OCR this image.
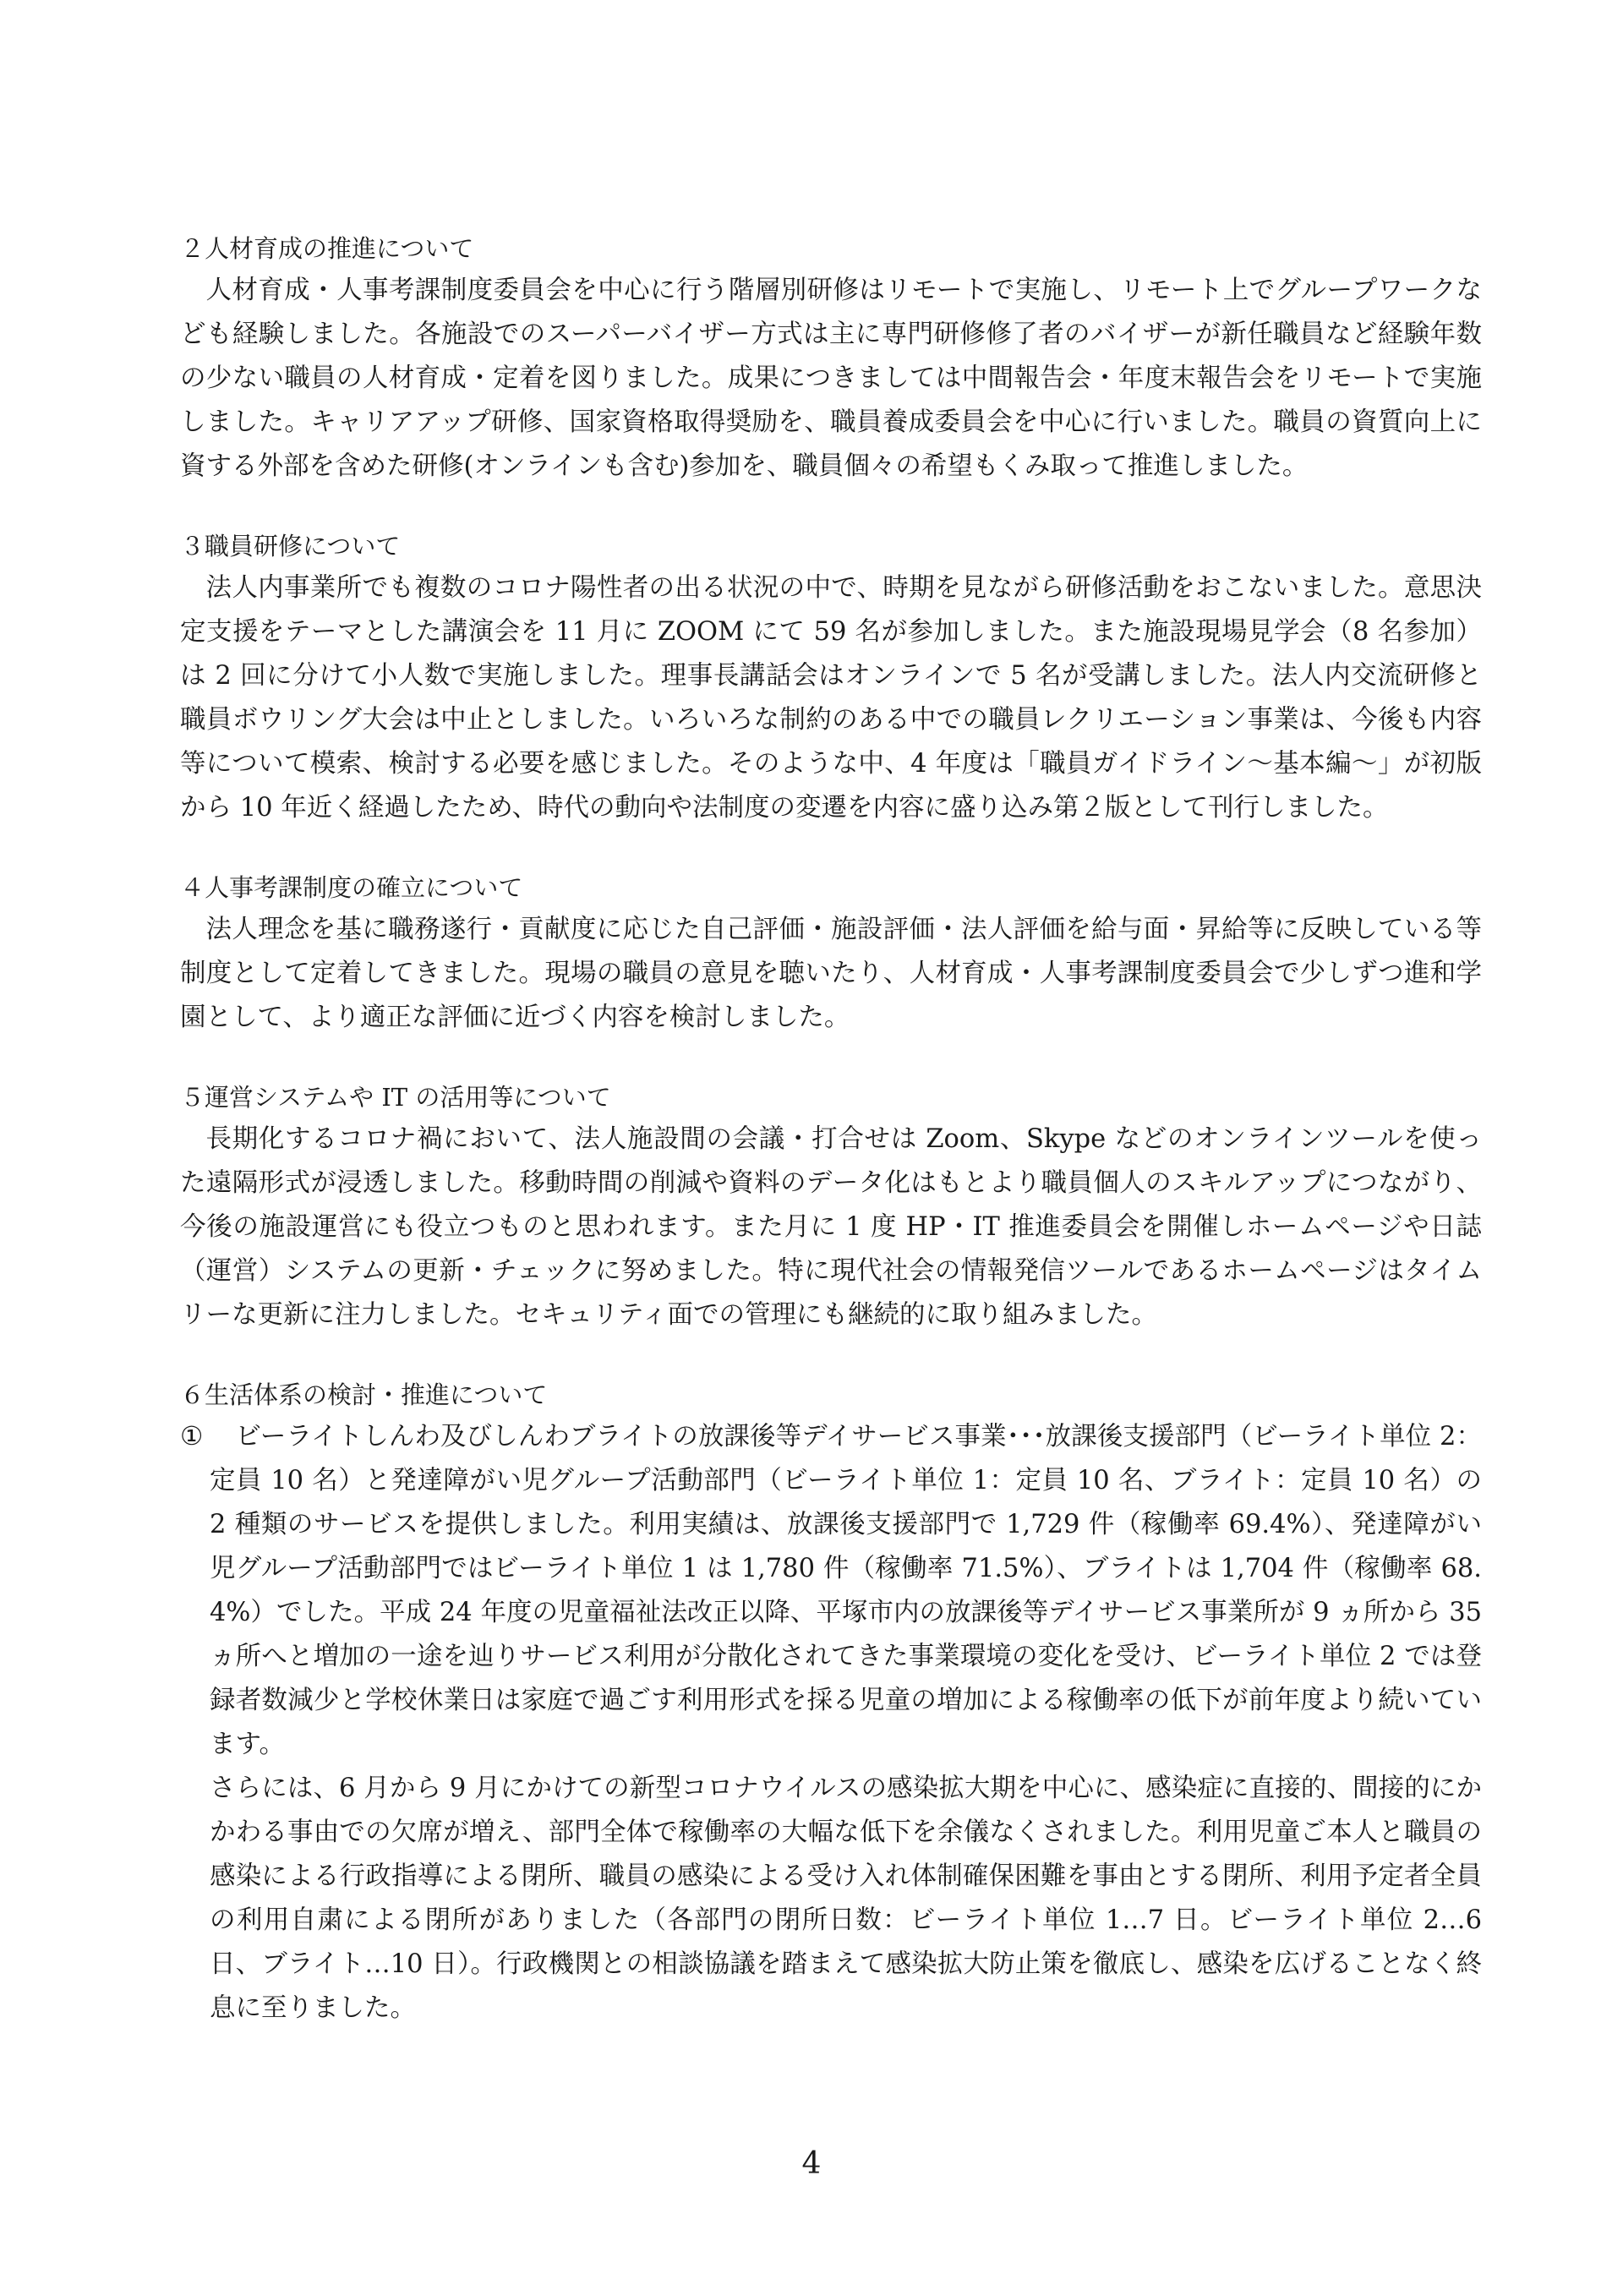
２人材育成の推進について

人材育成・人事考課制度委員会を中心に行う階層別研修はリモートで実施し、リモート上でグループワークなども経験しました。各施設でのスーパーバイザー方式は主に専門研修修了者のバイザーが新任職員など経験年数の少ない職員の人材育成・定着を図りました。成果につきましては中間報告会・年度末報告会をリモートで実施しました。キャリアアップ研修、国家資格取得奨励を、職員養成委員会を中心に行いました。職員の資質向上に資する外部を含めた研修(オンラインも含む)参加を、職員個々の希望もくみ取って推進しました。

３職員研修について

法人内事業所でも複数のコロナ陽性者の出る状況の中で、時期を見ながら研修活動をおこないました。意思決定支援をテーマとした講演会を 11 月に ZOOM にて 59 名が参加しました。また施設現場見学会（8 名参加）は 2 回に分けて小人数で実施しました。理事長講話会はオンラインで 5 名が受講しました。法人内交流研修と職員ボウリング大会は中止としました。いろいろな制約のある中での職員レクリエーション事業は、今後も内容等について模索、検討する必要を感じました。そのような中、4 年度は「職員ガイドライン～基本編～」が初版から 10 年近く経過したため、時代の動向や法制度の変遷を内容に盛り込み第２版として刊行しました。

４人事考課制度の確立について

法人理念を基に職務遂行・貢献度に応じた自己評価・施設評価・法人評価を給与面・昇給等に反映している等制度として定着してきました。現場の職員の意見を聴いたり、人材育成・人事考課制度委員会で少しずつ進和学園として、より適正な評価に近づく内容を検討しました。

５運営システムや IT の活用等について

長期化するコロナ禍において、法人施設間の会議・打合せは Zoom、Skype などのオンラインツールを使った遠隔形式が浸透しました。移動時間の削減や資料のデータ化はもとより職員個人のスキルアップにつながり、今後の施設運営にも役立つものと思われます。また月に 1 度 HP・IT 推進委員会を開催しホームページや日誌（運営）システムの更新・チェックに努めました。特に現代社会の情報発信ツールであるホームページはタイムリーな更新に注力しました。セキュリティ面での管理にも継続的に取り組みました。

６生活体系の検討・推進について
①	ビーライトしんわ及びしんわブライトの放課後等デイサービス事業･･･放課後支援部門（ビーライト単位 2：定員 10 名）と発達障がい児グループ活動部門（ビーライト単位 1：定員 10 名、ブライト：定員 10 名）の 2 種類のサービスを提供しました。利用実績は、放課後支援部門で 1,729 件（稼働率 69.4%）、発達障がい児グループ活動部門ではビーライト単位 1 は 1,780 件（稼働率 71.5%）、ブライトは 1,704 件（稼働率 68.4%）でした。平成 24 年度の児童福祉法改正以降、平塚市内の放課後等デイサービス事業所が 9 ヵ所から 35 ヵ所へと増加の一途を辿りサービス利用が分散化されてきた事業環境の変化を受け、ビーライト単位 2 では登録者数減少と学校休業日は家庭で過ごす利用形式を採る児童の増加による稼働率の低下が前年度より続いています。
さらには、6 月から 9 月にかけての新型コロナウイルスの感染拡大期を中心に、感染症に直接的、間接的にかかわる事由での欠席が増え、部門全体で稼働率の大幅な低下を余儀なくされました。利用児童ご本人と職員の感染による行政指導による閉所、職員の感染による受け入れ体制確保困難を事由とする閉所、利用予定者全員の利用自粛による閉所がありました（各部門の閉所日数：ビーライト単位 1…7 日。ビーライト単位 2…6 日、ブライト…10 日）。行政機関との相談協議を踏まえて感染拡大防止策を徹底し、感染を広げることなく終息に至りました。
4
